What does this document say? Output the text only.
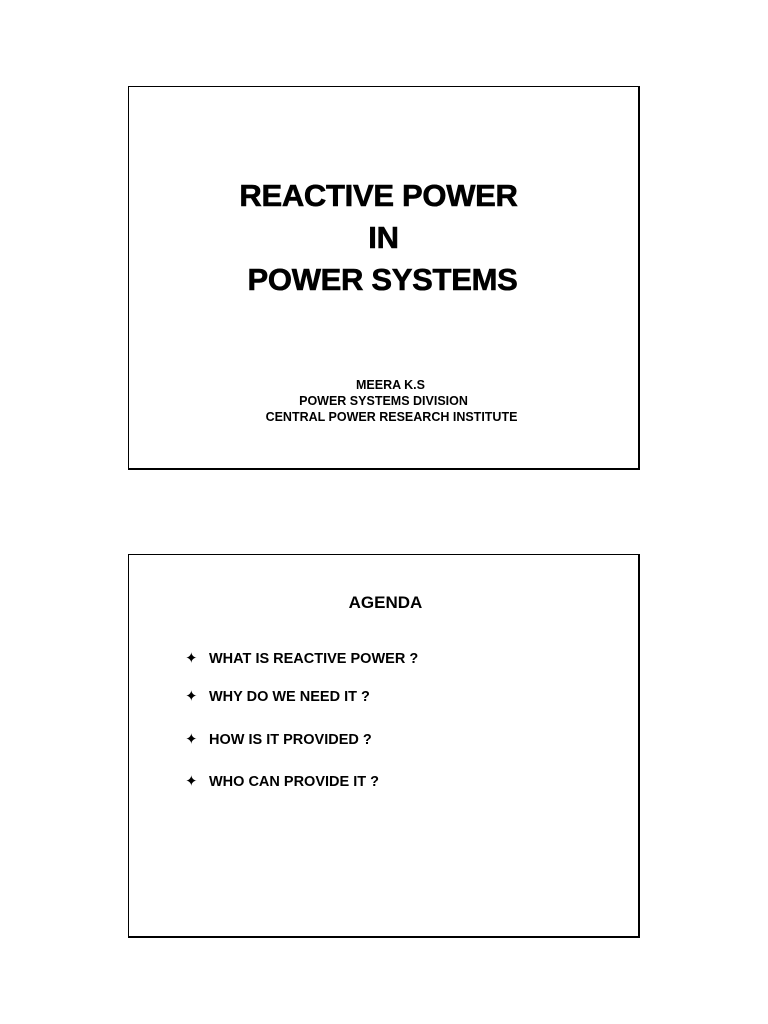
REACTIVE POWER
IN
POWER SYSTEMS
MEERA K.S
POWER SYSTEMS DIVISION
CENTRAL POWER RESEARCH INSTITUTE
AGENDA
✦ WHAT IS REACTIVE POWER ?
✦ WHY DO WE NEED IT ?
✦ HOW IS IT PROVIDED ?
✦ WHO CAN PROVIDE IT ?
